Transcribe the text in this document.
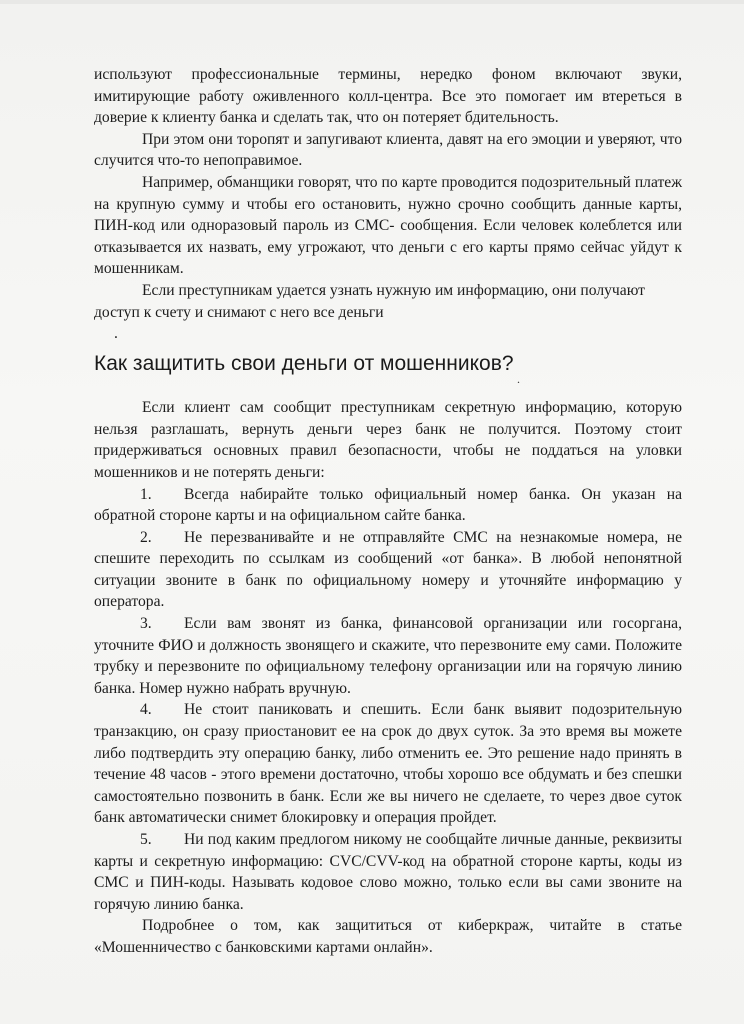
используют профессиональные термины, нередко фоном включают звуки, имитирующие работу оживленного колл-центра. Все это помогает им втереться в доверие к клиенту банка и сделать так, что он потеряет бдительность.

При этом они торопят и запугивают клиента, давят на его эмоции и уверяют, что случится что-то непоправимое.

Например, обманщики говорят, что по карте проводится подозрительный платеж на крупную сумму и чтобы его остановить, нужно срочно сообщить данные карты, ПИН-код или одноразовый пароль из СМС- сообщения. Если человек колеблется или отказывается их назвать, ему угрожают, что деньги с его карты прямо сейчас уйдут к мошенникам.

Если преступникам удается узнать нужную им информацию, они получают доступ к счету и снимают с него все деньги

.

Как защитить свои деньги от мошенников?

Если клиент сам сообщит преступникам секретную информацию, которую нельзя разглашать, вернуть деньги через банк не получится. Поэтому стоит придерживаться основных правил безопасности, чтобы не поддаться на уловки мошенников и не потерять деньги:

1. Всегда набирайте только официальный номер банка. Он указан на обратной стороне карты и на официальном сайте банка.

2. Не перезванивайте и не отправляйте СМС на незнакомые номера, не спешите переходить по ссылкам из сообщений «от банка». В любой непонятной ситуации звоните в банк по официальному номеру и уточняйте информацию у оператора.

3. Если вам звонят из банка, финансовой организации или госоргана, уточните ФИО и должность звонящего и скажите, что перезвоните ему сами. Положите трубку и перезвоните по официальному телефону организации или на горячую линию банка. Номер нужно набрать вручную.

4. Не стоит паниковать и спешить. Если банк выявит подозрительную транзакцию, он сразу приостановит ее на срок до двух суток. За это время вы можете либо подтвердить эту операцию банку, либо отменить ее. Это решение надо принять в течение 48 часов - этого времени достаточно, чтобы хорошо все обдумать и без спешки самостоятельно позвонить в банк. Если же вы ничего не сделаете, то через двое суток банк автоматически снимет блокировку и операция пройдет.

5. Ни под каким предлогом никому не сообщайте личные данные, реквизиты карты и секретную информацию: CVC/CVV-код на обратной стороне карты, коды из СМС и ПИН-коды. Называть кодовое слово можно, только если вы сами звоните на горячую линию банка.

Подробнее о том, как защититься от киберкраж, читайте в статье «Мошенничество с банковскими картами онлайн».

.
